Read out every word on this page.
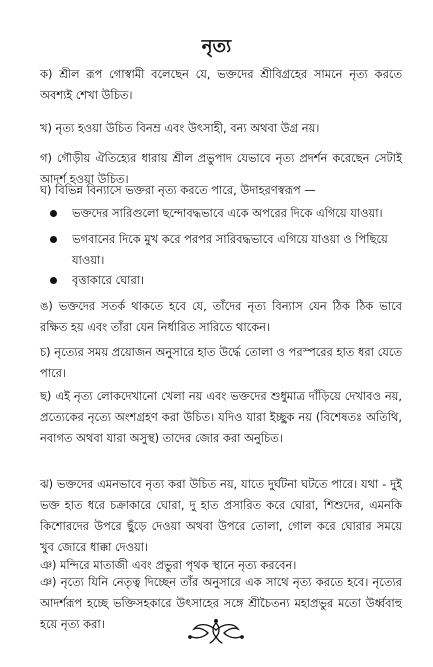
নৃত্য
ক) শ্রীল রূপ গোস্বামী বলেছেন যে, ভক্তদের শ্রীবিগ্রহের সামনে নৃত্য করতে অবশ্যই শেখা উচিত।
খ) নৃত্য হওয়া উচিত বিনম্র এবং উৎসাহী, বন্য অথবা উগ্র নয়।
গ) গৌড়ীয় ঐতিহ্যের ধারায় শ্রীল প্রভুপাদ যেভাবে নৃত্য প্রদর্শন করেছেন সেটাই আদর্শ হওয়া উচিত।
ঘ) বিভিন্ন বিন্যাসে ভক্তরা নৃত্য করতে পারে, উদাহরণস্বরূপ —
ভক্তদের সারিগুলো ছন্দোবদ্ধভাবে একে অপরের দিকে এগিয়ে যাওয়া।
ভগবানের দিকে মুখ করে পরপর সারিবদ্ধভাবে এগিয়ে যাওয়া ও পিছিয়ে যাওয়া।
বৃত্তাকারে ঘোরা।
ঙ) ভক্তদের সতর্ক থাকতে হবে যে, তাঁদের নৃত্য বিন্যাস যেন ঠিক ঠিক ভাবে রক্ষিত হয় এবং তাঁরা যেন নির্ধারিত সারিতে থাকেন।
চ) নৃত্যের সময় প্রয়োজন অনুসারে হাত উর্দ্ধে তোলা ও পরস্পরের হাত ধরা যেতে পারে।
ছ) এই নৃত্য লোকদেখানো খেলা নয় এবং ভক্তদের শুধুমাত্র দাঁড়িয়ে দেখাবও নয়, প্রত্যেকের নৃত্যে অংশগ্রহণ করা উচিত। যদিও যারা ইচ্ছুক নয় (বিশেষতঃ অতিথি, নবাগত অথবা যারা অসুস্থ) তাদের জোর করা অনুচিত।
ঝ) ভক্তদের এমনভাবে নৃত্য করা উচিত নয়, যাতে দুর্ঘটনা ঘটতে পারে। যথা - দুই ভক্ত হাত ধরে চক্রাকারে ঘোরা, দু হাত প্রসারিত করে ঘোরা, শিশুদের, এমনকি কিশোরদের উপরে ছুঁড়ে দেওয়া অথবা উপরে তোলা, গোল করে ঘোরার সময়ে খুব জোরে ধাক্কা দেওয়া।
ঞ) মন্দিরে মাতাজী এবং প্রভুরা পৃথক স্থানে নৃত্য করবেন।
ঞ) নৃত্যে যিনি নেতৃত্ব দিচ্ছেন তাঁর অনুসারে এক সাথে নৃত্য করতে হবে। নৃত্যের আদর্শরূপ হচ্ছে ভক্তিসহকারে উৎসাহের সঙ্গে শ্রীচৈতন্য মহাপ্রভুর মতো উর্ধ্ববাহু হয়ে নৃত্য করা।
